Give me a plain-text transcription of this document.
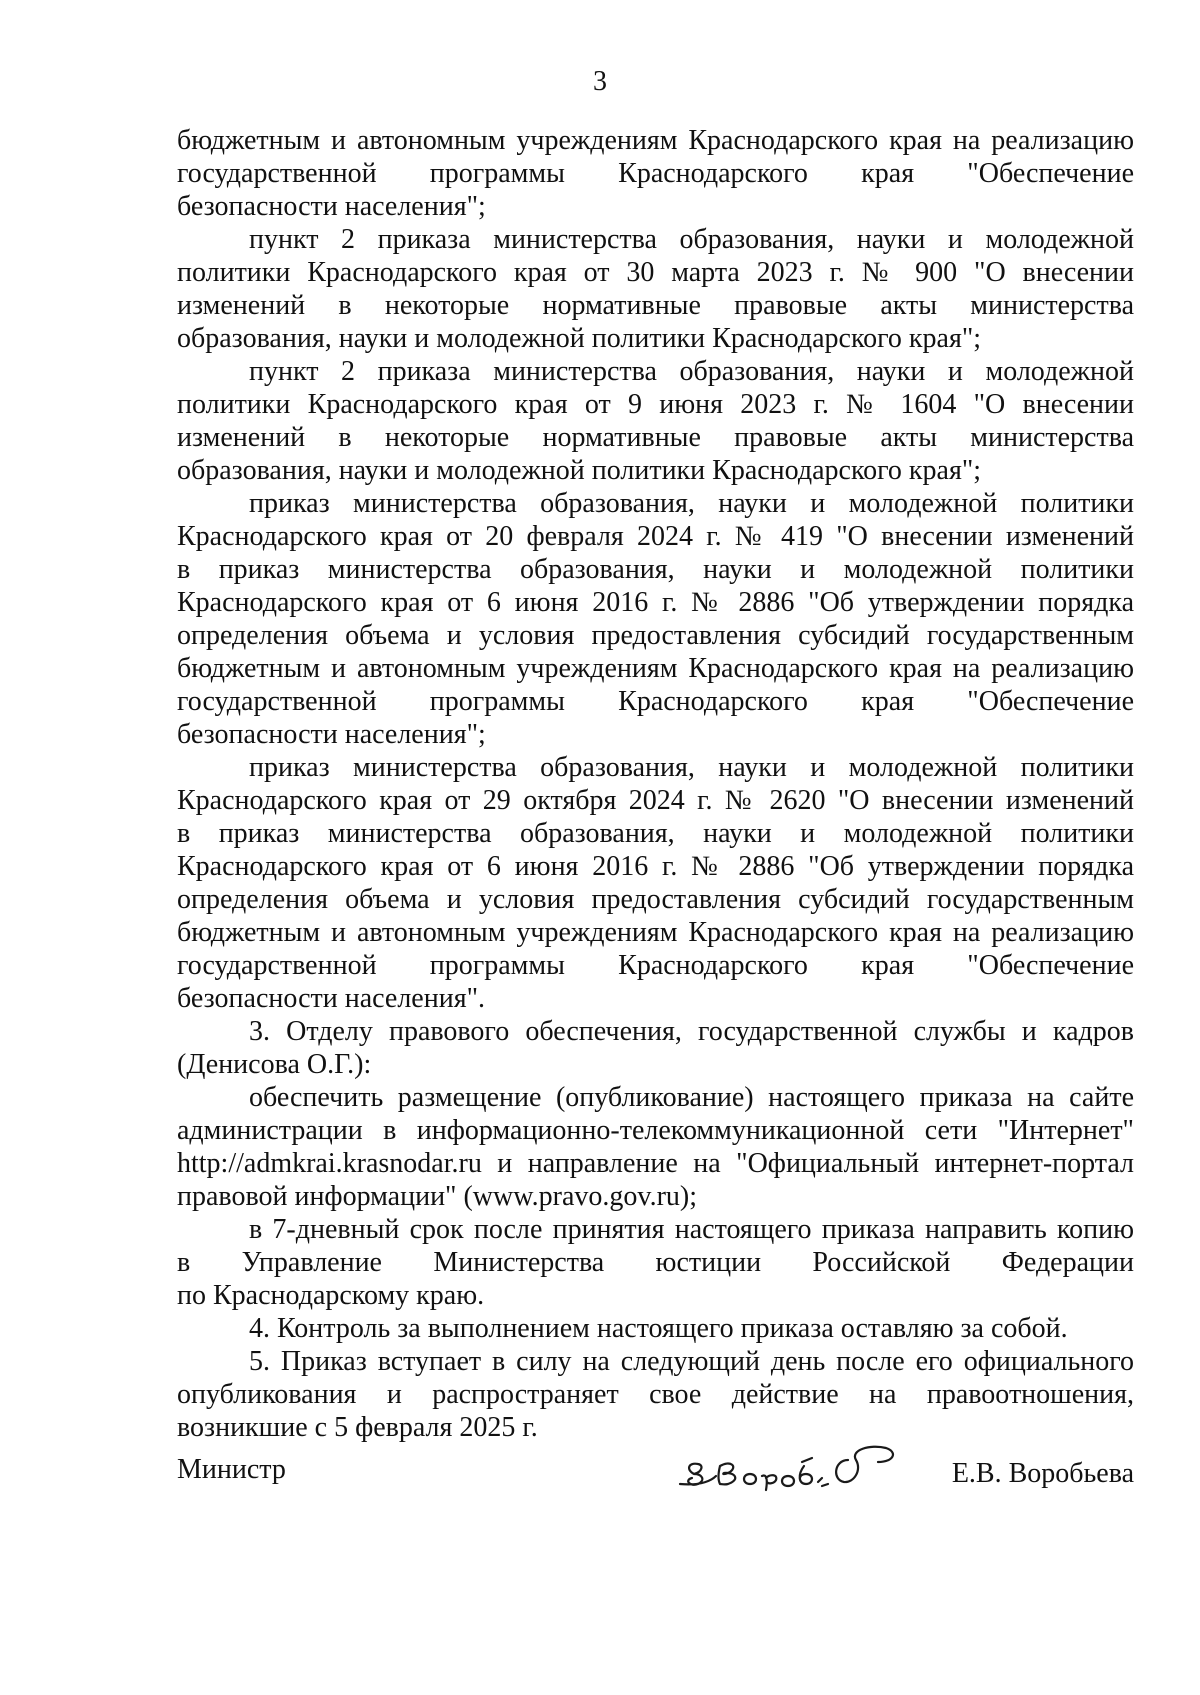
3

бюджетным и автономным учреждениям Краснодарского края на реализацию
государственной программы Краснодарского края "Обеспечение
безопасности населения";

пункт 2 приказа министерства образования, науки и молодежной
политики Краснодарского края от 30 марта 2023 г. № 900 "О внесении
изменений в некоторые нормативные правовые акты министерства
образования, науки и молодежной политики Краснодарского края";

пункт 2 приказа министерства образования, науки и молодежной
политики Краснодарского края от 9 июня 2023 г. № 1604 "О внесении
изменений в некоторые нормативные правовые акты министерства
образования, науки и молодежной политики Краснодарского края";

приказ министерства образования, науки и молодежной политики
Краснодарского края от 20 февраля 2024 г. № 419 "О внесении изменений
в приказ министерства образования, науки и молодежной политики
Краснодарского края от 6 июня 2016 г. № 2886 "Об утверждении порядка
определения объема и условия предоставления субсидий государственным
бюджетным и автономным учреждениям Краснодарского края на реализацию
государственной программы Краснодарского края "Обеспечение
безопасности населения";

приказ министерства образования, науки и молодежной политики
Краснодарского края от 29 октября 2024 г. № 2620 "О внесении изменений
в приказ министерства образования, науки и молодежной политики
Краснодарского края от 6 июня 2016 г. № 2886 "Об утверждении порядка
определения объема и условия предоставления субсидий государственным
бюджетным и автономным учреждениям Краснодарского края на реализацию
государственной программы Краснодарского края "Обеспечение
безопасности населения".

3. Отделу правового обеспечения, государственной службы и кадров
(Денисова О.Г.):

обеспечить размещение (опубликование) настоящего приказа на сайте
администрации в информационно-телекоммуникационной сети "Интернет"
http://admkrai.krasnodar.ru и направление на "Официальный интернет-портал
правовой информации" (www.pravo.gov.ru);

в 7-дневный срок после принятия настоящего приказа направить копию
в Управление Министерства юстиции Российской Федерации
по Краснодарскому краю.

4. Контроль за выполнением настоящего приказа оставляю за собой.

5. Приказ вступает в силу на следующий день после его официального
опубликования и распространяет свое действие на правоотношения,
возникшие с 5 февраля 2025 г.

Министр	Е.В. Воробьева
